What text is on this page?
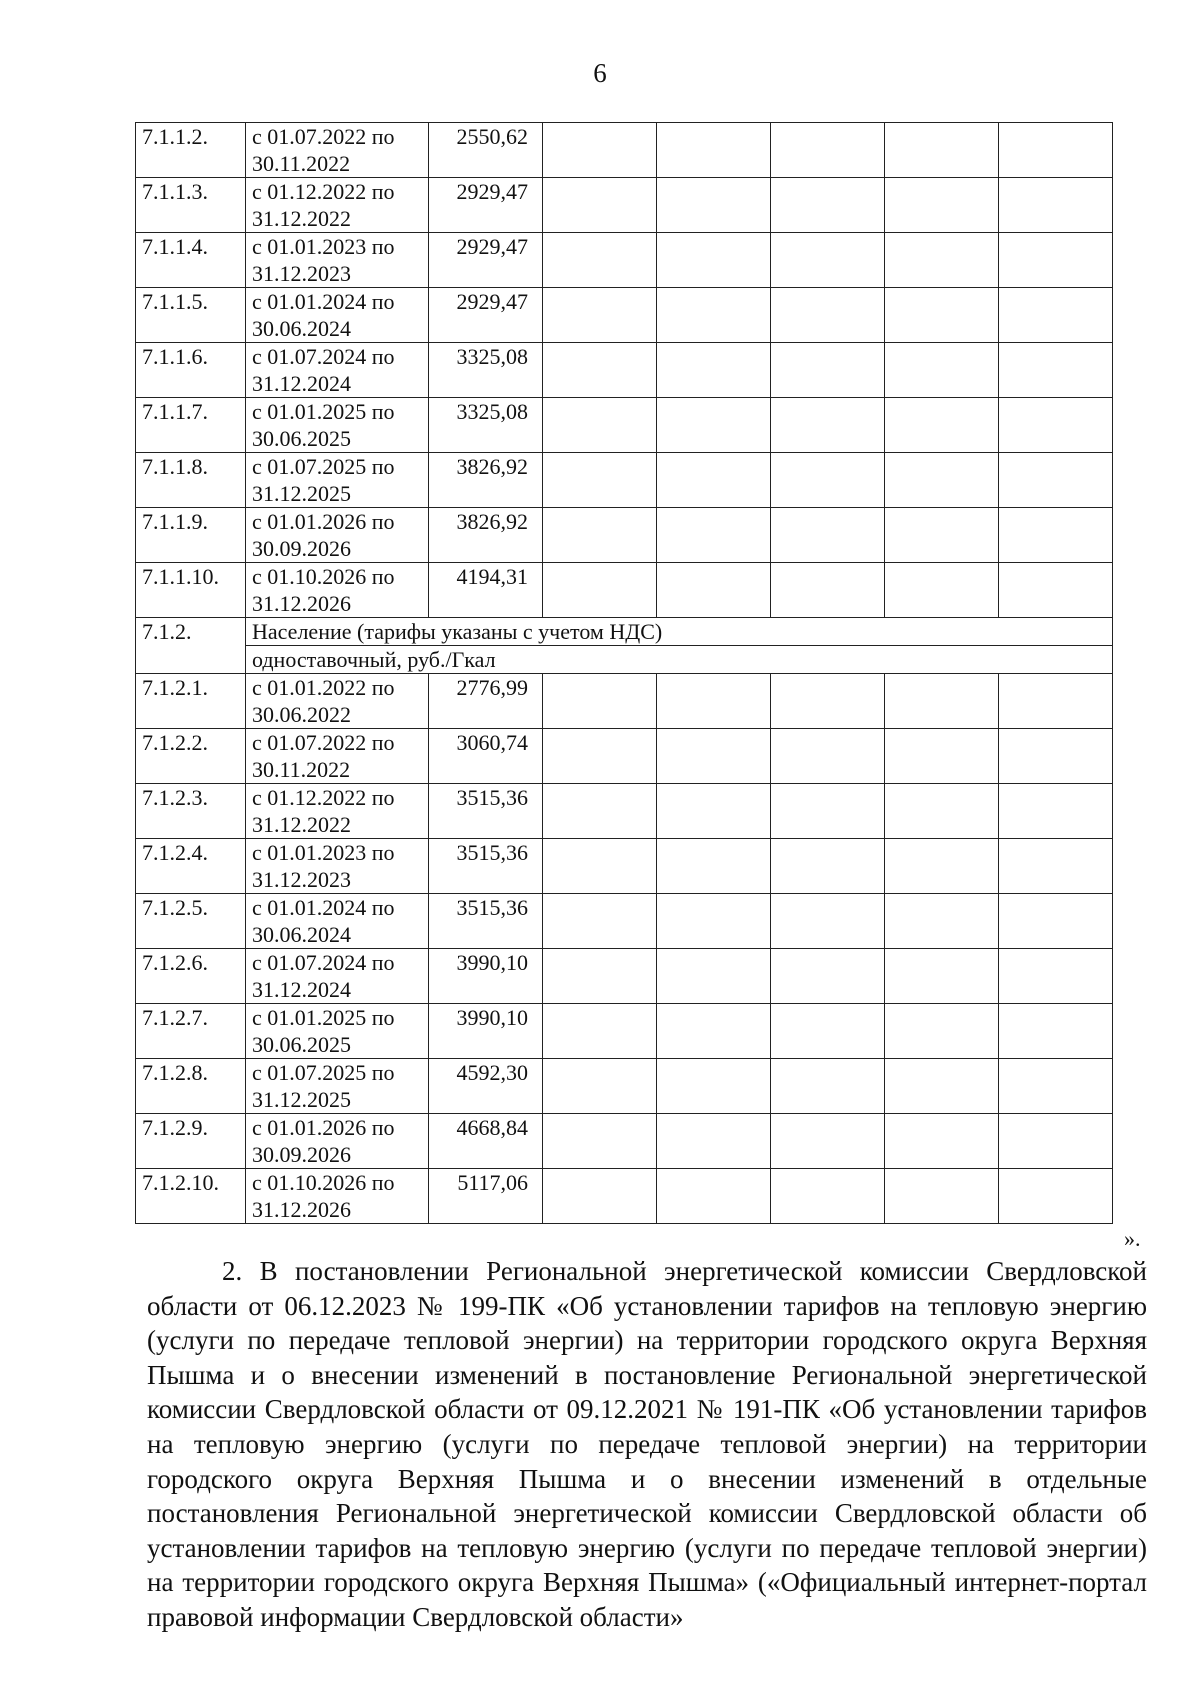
6
7.1.1.2.	с 01.07.2022 по 30.11.2022	2550,62					
7.1.1.3.	с 01.12.2022 по 31.12.2022	2929,47					
7.1.1.4.	с 01.01.2023 по 31.12.2023	2929,47					
7.1.1.5.	с 01.01.2024 по 30.06.2024	2929,47					
7.1.1.6.	с 01.07.2024 по 31.12.2024	3325,08					
7.1.1.7.	с 01.01.2025 по 30.06.2025	3325,08					
7.1.1.8.	с 01.07.2025 по 31.12.2025	3826,92					
7.1.1.9.	с 01.01.2026 по 30.09.2026	3826,92					
7.1.1.10.	с 01.10.2026 по 31.12.2026	4194,31					
7.1.2.	Население (тарифы указаны с учетом НДС)						
	одноставочный, руб./Гкал						
7.1.2.1.	с 01.01.2022 по 30.06.2022	2776,99					
7.1.2.2.	с 01.07.2022 по 30.11.2022	3060,74					
7.1.2.3.	с 01.12.2022 по 31.12.2022	3515,36					
7.1.2.4.	с 01.01.2023 по 31.12.2023	3515,36					
7.1.2.5.	с 01.01.2024 по 30.06.2024	3515,36					
7.1.2.6.	с 01.07.2024 по 31.12.2024	3990,10					
7.1.2.7.	с 01.01.2025 по 30.06.2025	3990,10					
7.1.2.8.	с 01.07.2025 по 31.12.2025	4592,30					
7.1.2.9.	с 01.01.2026 по 30.09.2026	4668,84					
7.1.2.10.	с 01.10.2026 по 31.12.2026	5117,06					
».

2. В постановлении Региональной энергетической комиссии Свердловской области от 06.12.2023 № 199-ПК «Об установлении тарифов на тепловую энергию (услуги по передаче тепловой энергии) на территории городского округа Верхняя Пышма и о внесении изменений в постановление Региональной энергетической комиссии Свердловской области от 09.12.2021 № 191-ПК «Об установлении тарифов на тепловую энергию (услуги по передаче тепловой энергии) на территории городского округа Верхняя Пышма и о внесении изменений в отдельные постановления Региональной энергетической комиссии Свердловской области об установлении тарифов на тепловую энергию (услуги по передаче тепловой энергии) на территории городского округа Верхняя Пышма» («Официальный интернет-портал правовой информации Свердловской области»
